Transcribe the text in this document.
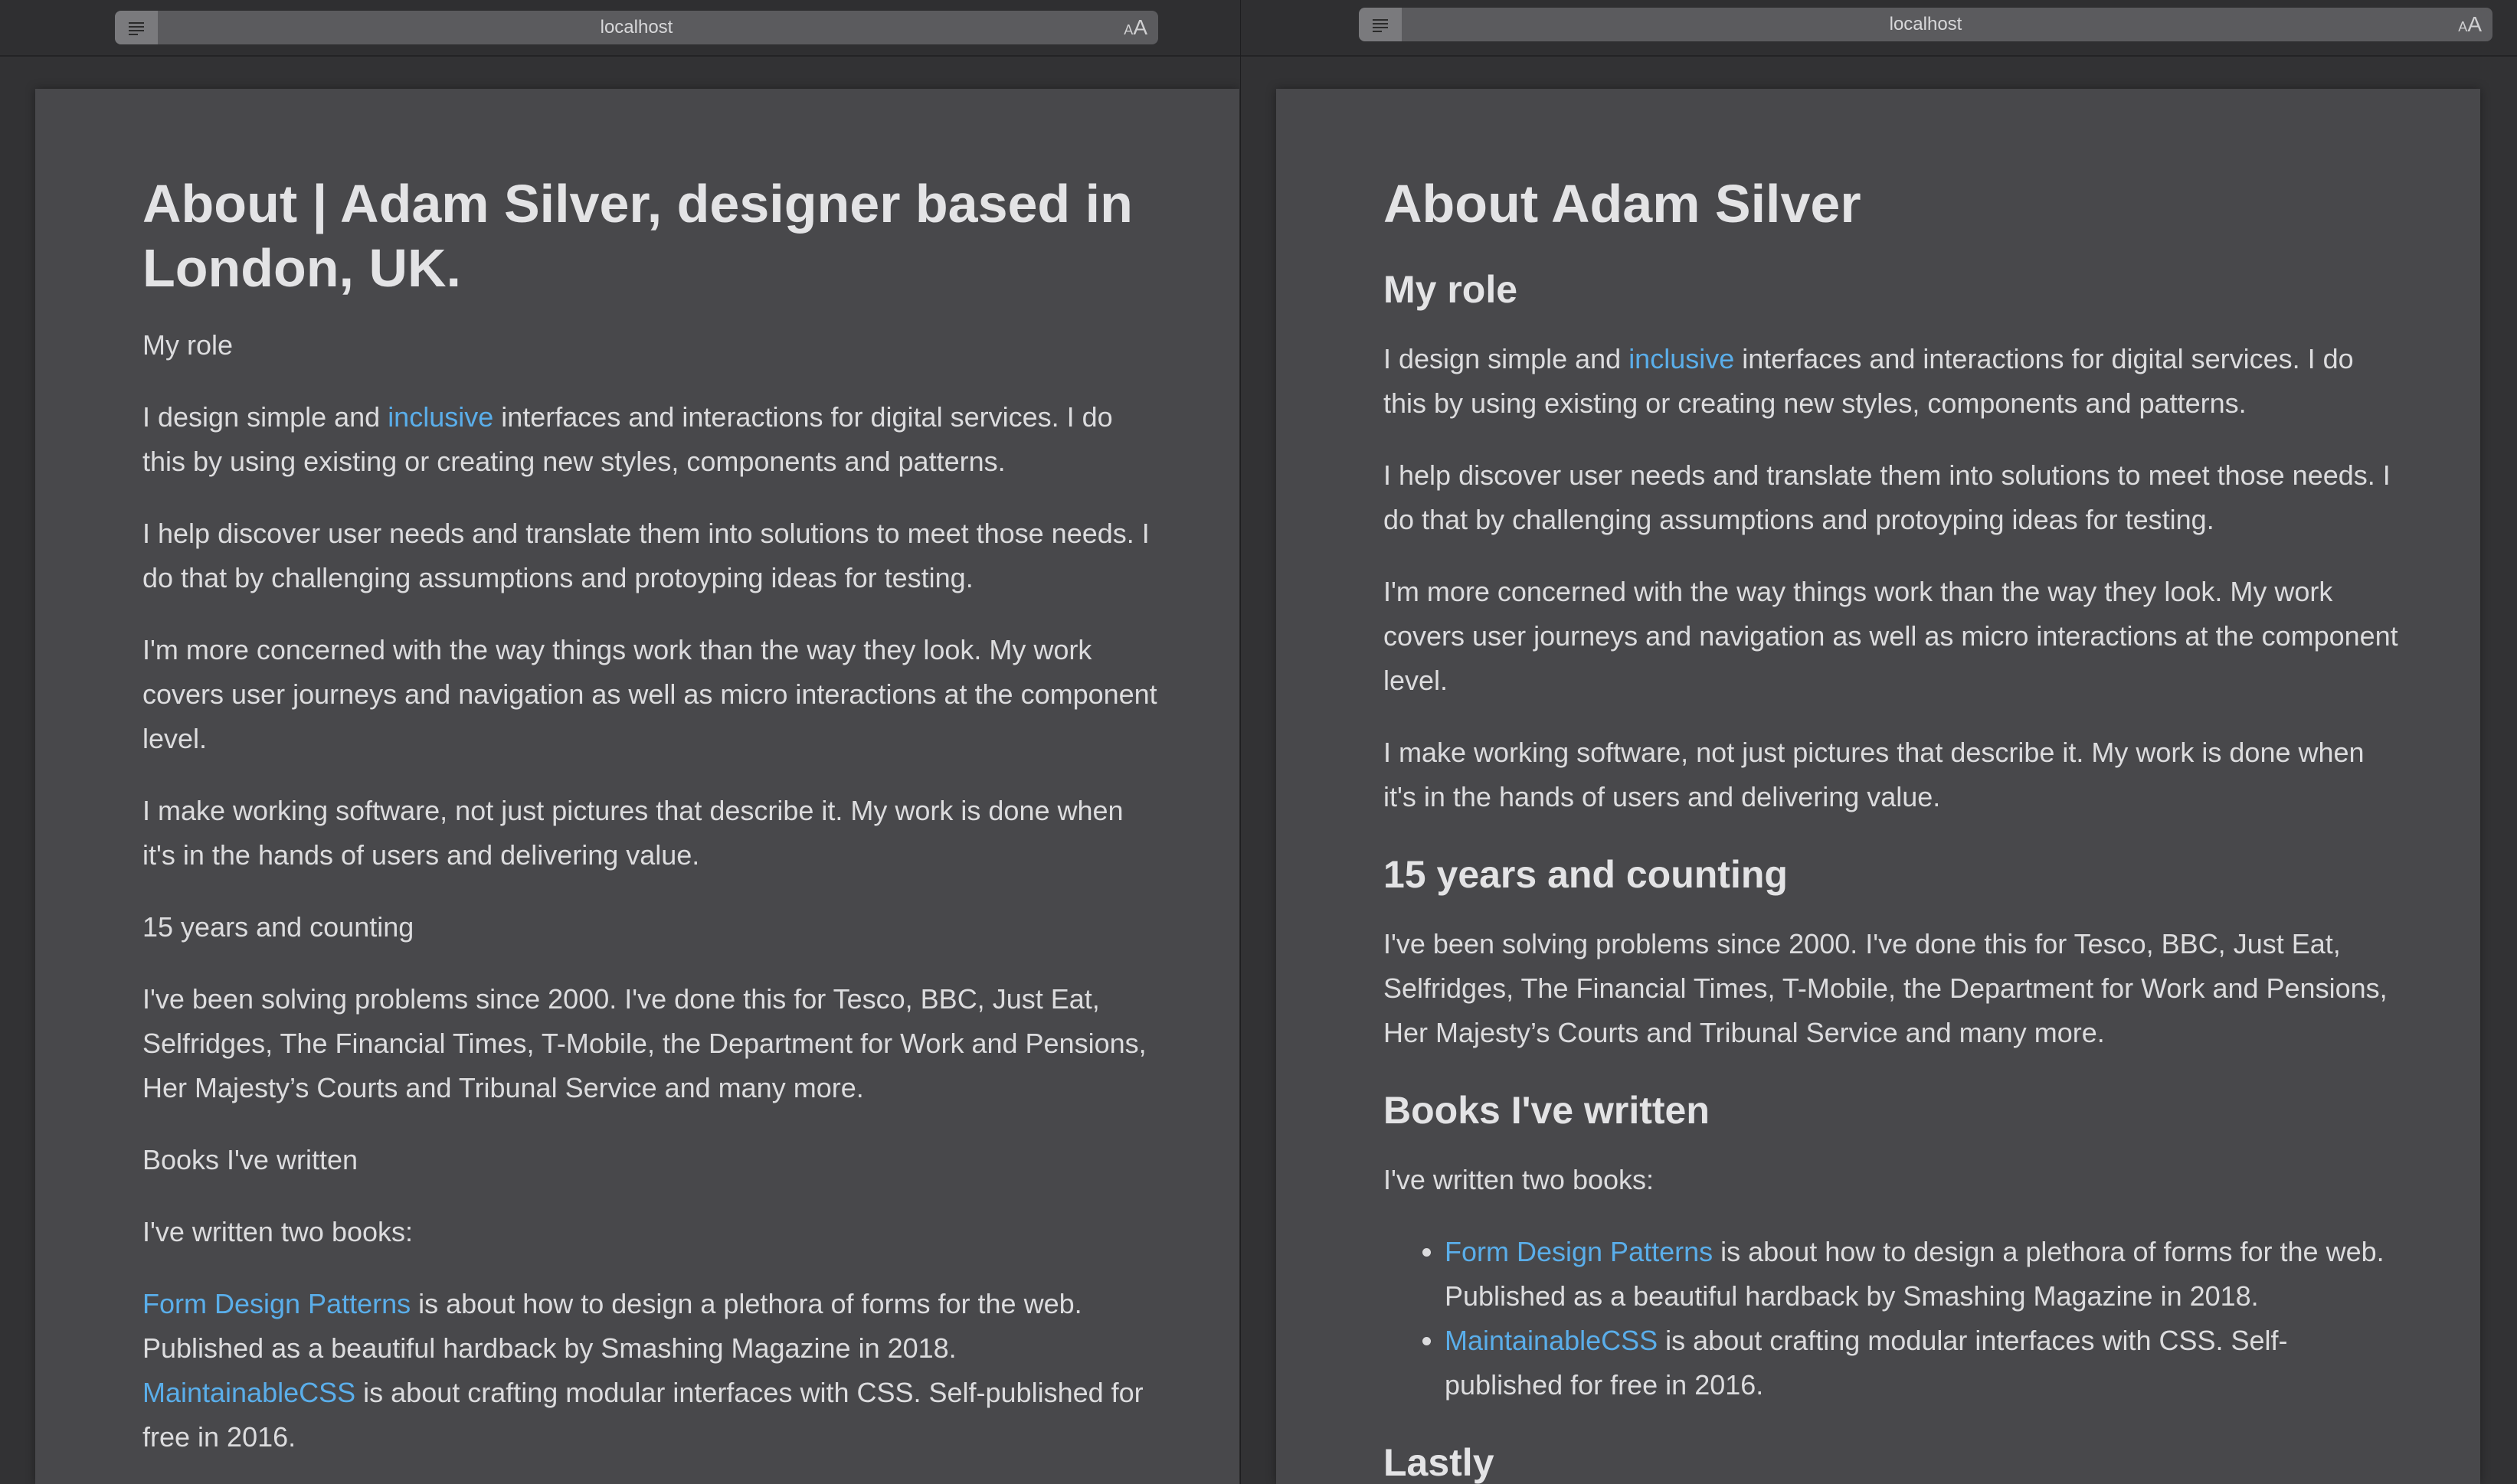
localhost	AA
About | Adam Silver, designer based in London, UK.

My role

I design simple and inclusive interfaces and interactions for digital services. I do this by using existing or creating new styles, components and patterns.

I help discover user needs and translate them into solutions to meet those needs. I do that by challenging assumptions and protoyping ideas for testing.

I'm more concerned with the way things work than the way they look. My work covers user journeys and navigation as well as micro interactions at the component level.

I make working software, not just pictures that describe it. My work is done when it's in the hands of users and delivering value.

15 years and counting

I've been solving problems since 2000. I've done this for Tesco, BBC, Just Eat, Selfridges, The Financial Times, T-Mobile, the Department for Work and Pensions, Her Majesty’s Courts and Tribunal Service and many more.

Books I've written

I've written two books:

Form Design Patterns is about how to design a plethora of forms for the web. Published as a beautiful hardback by Smashing Magazine in 2018.
MaintainableCSS is about crafting modular interfaces with CSS. Self-published for free in 2016.

localhost	AA
About Adam Silver
My role

I design simple and inclusive interfaces and interactions for digital services. I do this by using existing or creating new styles, components and patterns.

I help discover user needs and translate them into solutions to meet those needs. I do that by challenging assumptions and protoyping ideas for testing.

I'm more concerned with the way things work than the way they look. My work covers user journeys and navigation as well as micro interactions at the component level.

I make working software, not just pictures that describe it. My work is done when it's in the hands of users and delivering value.

15 years and counting

I've been solving problems since 2000. I've done this for Tesco, BBC, Just Eat, Selfridges, The Financial Times, T-Mobile, the Department for Work and Pensions, Her Majesty’s Courts and Tribunal Service and many more.

Books I've written

I've written two books:

• Form Design Patterns is about how to design a plethora of forms for the web. Published as a beautiful hardback by Smashing Magazine in 2018.
• MaintainableCSS is about crafting modular interfaces with CSS. Self-published for free in 2016.
Lastly
